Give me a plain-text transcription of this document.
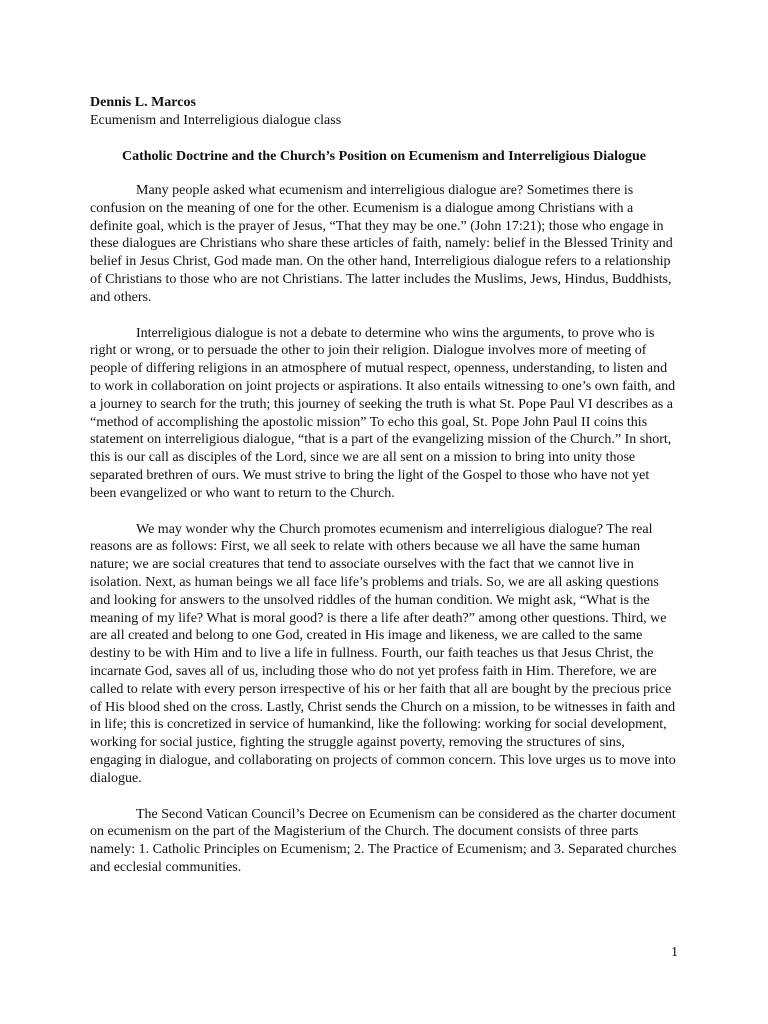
Dennis L. Marcos

Ecumenism and Interreligious dialogue class

Catholic Doctrine and the Church’s Position on Ecumenism and Interreligious Dialogue

Many people asked what ecumenism and interreligious dialogue are? Sometimes there is confusion on the meaning of one for the other. Ecumenism is a dialogue among Christians with a definite goal, which is the prayer of Jesus, “That they may be one.” (John 17:21); those who engage in these dialogues are Christians who share these articles of faith, namely: belief in the Blessed Trinity and belief in Jesus Christ, God made man. On the other hand, Interreligious dialogue refers to a relationship of Christians to those who are not Christians. The latter includes the Muslims, Jews, Hindus, Buddhists, and others.

Interreligious dialogue is not a debate to determine who wins the arguments, to prove who is right or wrong, or to persuade the other to join their religion. Dialogue involves more of meeting of people of differing religions in an atmosphere of mutual respect, openness, understanding, to listen and to work in collaboration on joint projects or aspirations. It also entails witnessing to one’s own faith, and a journey to search for the truth; this journey of seeking the truth is what St. Pope Paul VI describes as a “method of accomplishing the apostolic mission” To echo this goal, St. Pope John Paul II coins this statement on interreligious dialogue, “that is a part of the evangelizing mission of the Church.” In short, this is our call as disciples of the Lord, since we are all sent on a mission to bring into unity those separated brethren of ours. We must strive to bring the light of the Gospel to those who have not yet been evangelized or who want to return to the Church.

We may wonder why the Church promotes ecumenism and interreligious dialogue? The real reasons are as follows: First, we all seek to relate with others because we all have the same human nature; we are social creatures that tend to associate ourselves with the fact that we cannot live in isolation. Next, as human beings we all face life’s problems and trials. So, we are all asking questions and looking for answers to the unsolved riddles of the human condition. We might ask, “What is the meaning of my life? What is moral good? is there a life after death?” among other questions. Third, we are all created and belong to one God, created in His image and likeness, we are called to the same destiny to be with Him and to live a life in fullness. Fourth, our faith teaches us that Jesus Christ, the incarnate God, saves all of us, including those who do not yet profess faith in Him. Therefore, we are called to relate with every person irrespective of his or her faith that all are bought by the precious price of His blood shed on the cross. Lastly, Christ sends the Church on a mission, to be witnesses in faith and in life; this is concretized in service of humankind, like the following: working for social development, working for social justice, fighting the struggle against poverty, removing the structures of sins, engaging in dialogue, and collaborating on projects of common concern. This love urges us to move into dialogue.

The Second Vatican Council’s Decree on Ecumenism can be considered as the charter document on ecumenism on the part of the Magisterium of the Church. The document consists of three parts namely: 1. Catholic Principles on Ecumenism; 2. The Practice of Ecumenism; and 3. Separated churches and ecclesial communities.

1
